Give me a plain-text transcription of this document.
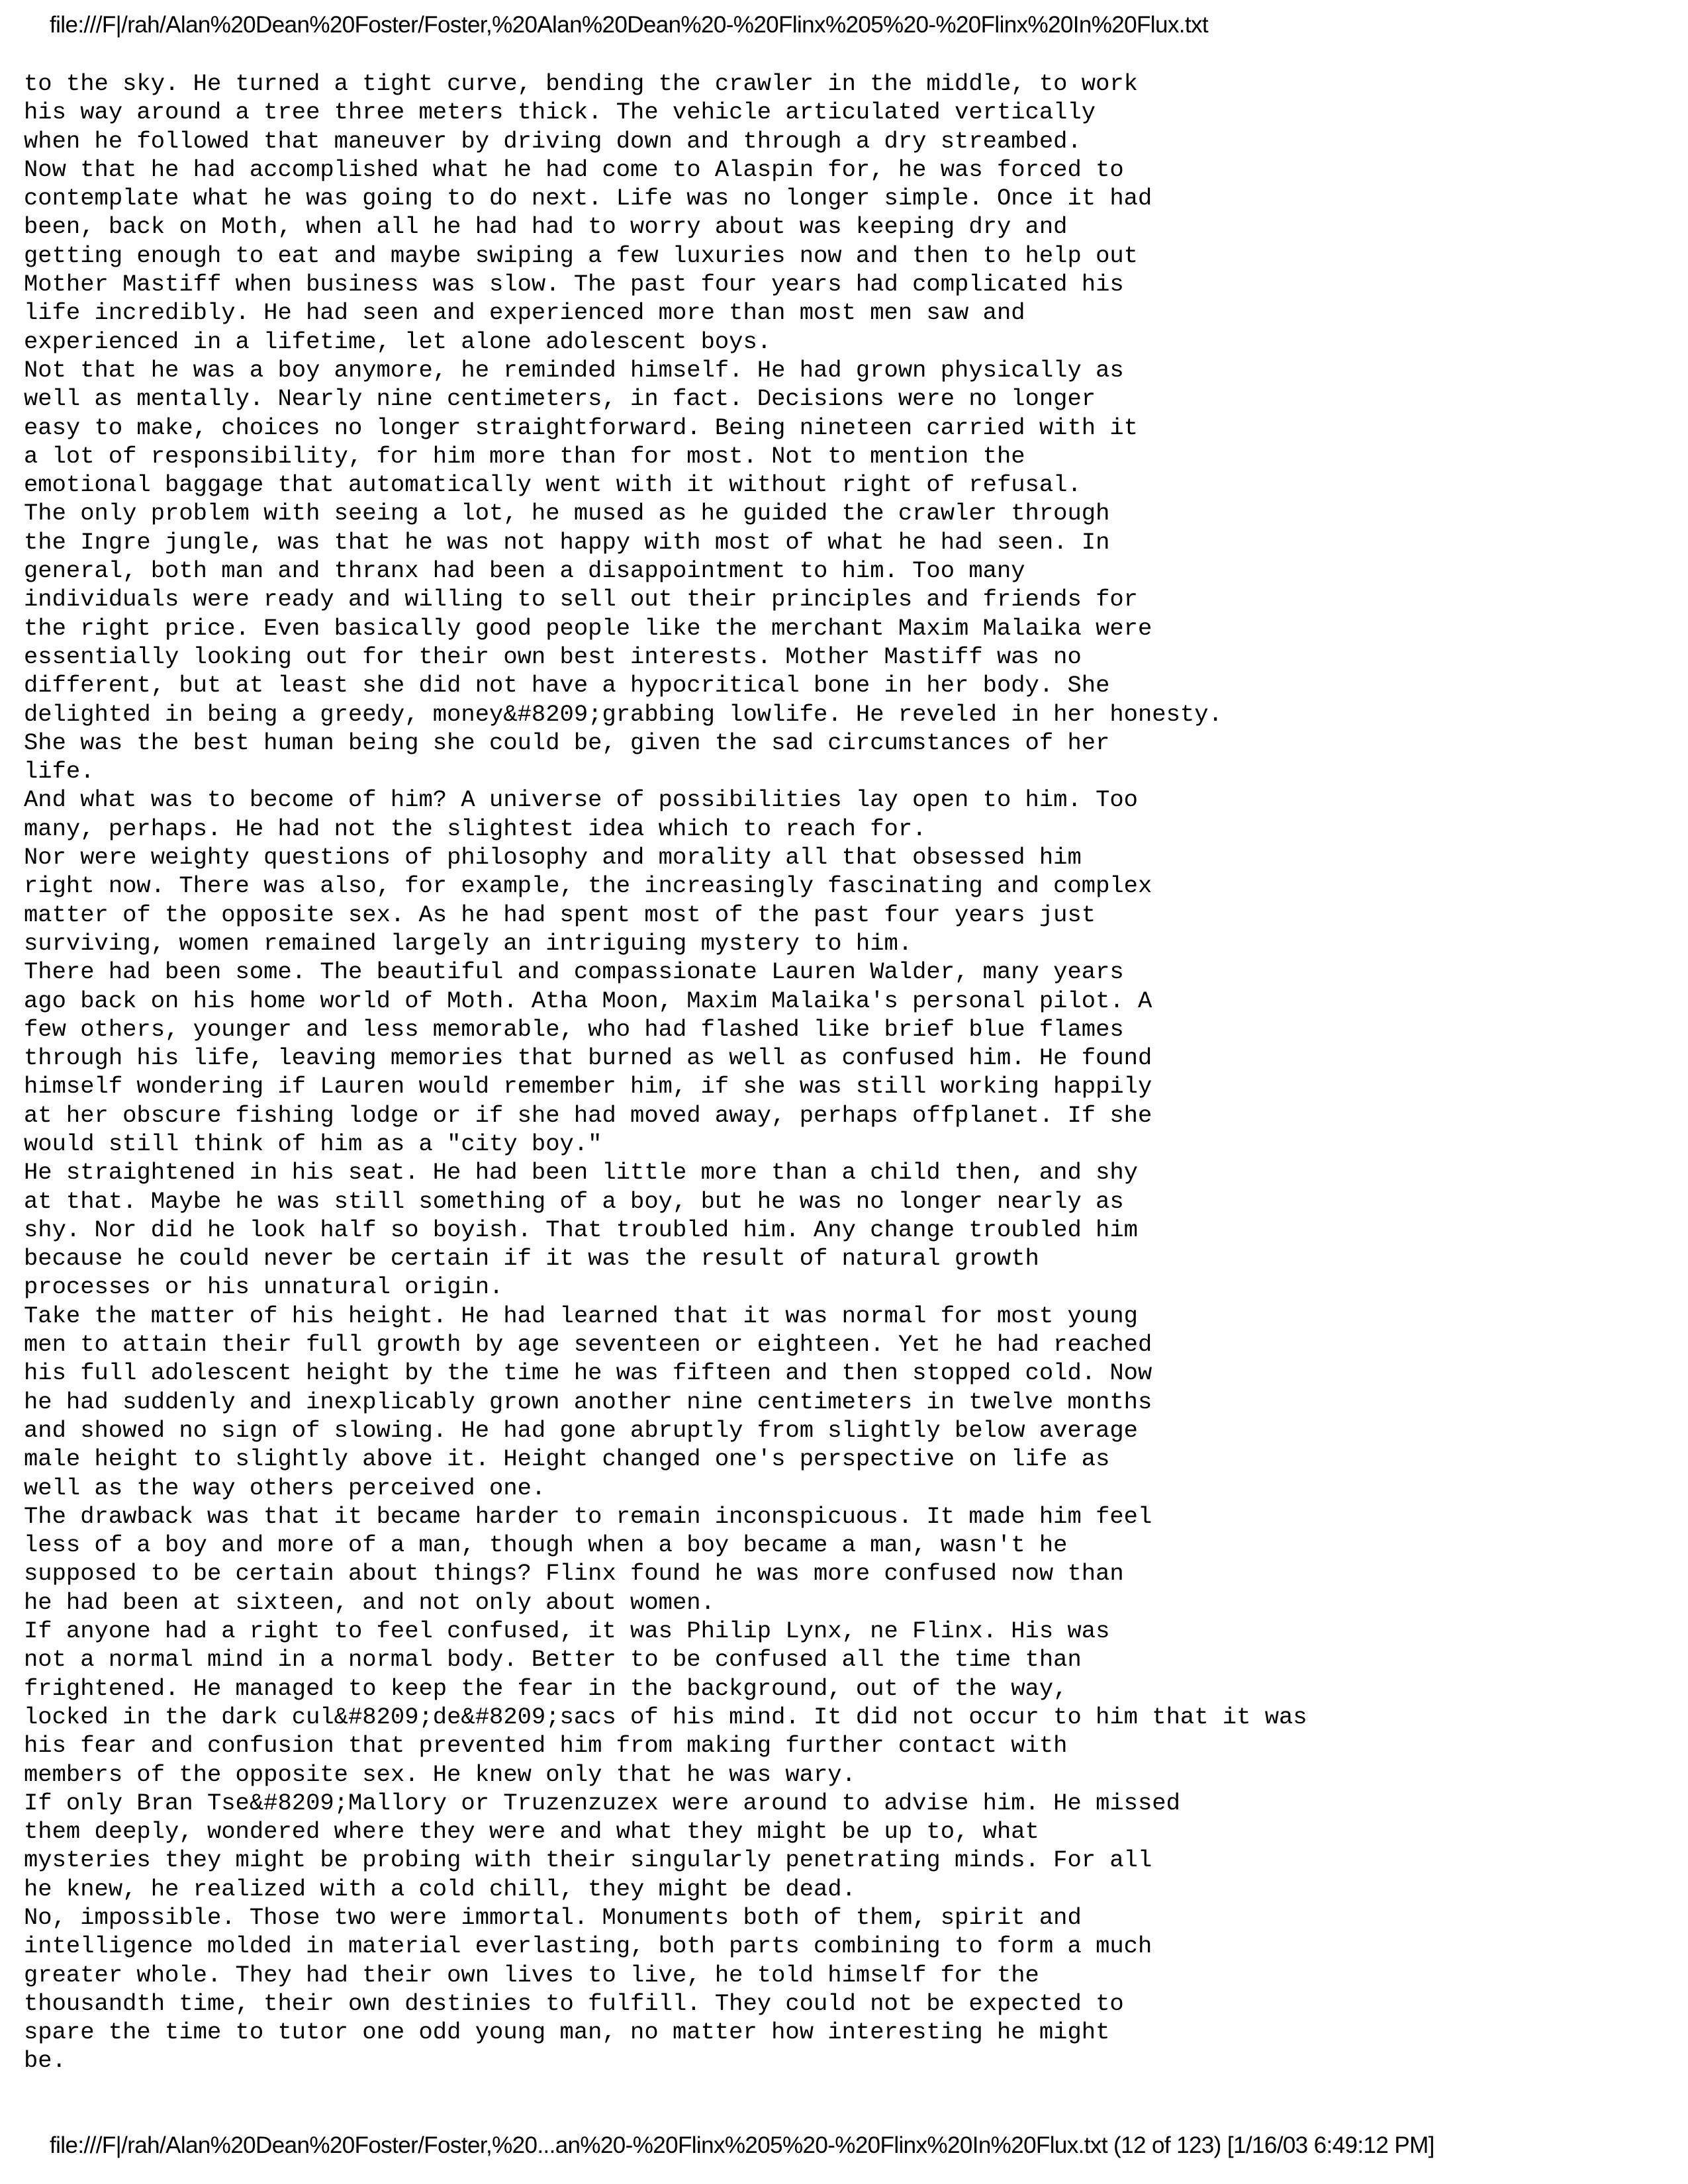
file:///F|/rah/Alan%20Dean%20Foster/Foster,%20Alan%20Dean%20-%20Flinx%205%20-%20Flinx%20In%20Flux.txt
to the sky. He turned a tight curve, bending the crawler in the middle, to work
his way around a tree three meters thick. The vehicle articulated vertically
when he followed that maneuver by driving down and through a dry streambed.
Now that he had accomplished what he had come to Alaspin for, he was forced to
contemplate what he was going to do next. Life was no longer simple. Once it had
been, back on Moth, when all he had had to worry about was keeping dry and
getting enough to eat and maybe swiping a few luxuries now and then to help out
Mother Mastiff when business was slow. The past four years had complicated his
life incredibly. He had seen and experienced more than most men saw and
experienced in a lifetime, let alone adolescent boys.
Not that he was a boy anymore, he reminded himself. He had grown physically as
well as mentally. Nearly nine centimeters, in fact. Decisions were no longer
easy to make, choices no longer straightforward. Being nineteen carried with it
a lot of responsibility, for him more than for most. Not to mention the
emotional baggage that automatically went with it without right of refusal.
The only problem with seeing a lot, he mused as he guided the crawler through
the Ingre jungle, was that he was not happy with most of what he had seen. In
general, both man and thranx had been a disappointment to him. Too many
individuals were ready and willing to sell out their principles and friends for
the right price. Even basically good people like the merchant Maxim Malaika were
essentially looking out for their own best interests. Mother Mastiff was no
different, but at least she did not have a hypocritical bone in her body. She
delighted in being a greedy, money&#8209;grabbing lowlife. He reveled in her honesty.
She was the best human being she could be, given the sad circumstances of her
life.
And what was to become of him? A universe of possibilities lay open to him. Too
many, perhaps. He had not the slightest idea which to reach for.
Nor were weighty questions of philosophy and morality all that obsessed him
right now. There was also, for example, the increasingly fascinating and complex
matter of the opposite sex. As he had spent most of the past four years just
surviving, women remained largely an intriguing mystery to him.
There had been some. The beautiful and compassionate Lauren Walder, many years
ago back on his home world of Moth. Atha Moon, Maxim Malaika's personal pilot. A
few others, younger and less memorable, who had flashed like brief blue flames
through his life, leaving memories that burned as well as confused him. He found
himself wondering if Lauren would remember him, if she was still working happily
at her obscure fishing lodge or if she had moved away, perhaps offplanet. If she
would still think of him as a "city boy."
He straightened in his seat. He had been little more than a child then, and shy
at that. Maybe he was still something of a boy, but he was no longer nearly as
shy. Nor did he look half so boyish. That troubled him. Any change troubled him
because he could never be certain if it was the result of natural growth
processes or his unnatural origin.
Take the matter of his height. He had learned that it was normal for most young
men to attain their full growth by age seventeen or eighteen. Yet he had reached
his full adolescent height by the time he was fifteen and then stopped cold. Now
he had suddenly and inexplicably grown another nine centimeters in twelve months
and showed no sign of slowing. He had gone abruptly from slightly below average
male height to slightly above it. Height changed one's perspective on life as
well as the way others perceived one.
The drawback was that it became harder to remain inconspicuous. It made him feel
less of a boy and more of a man, though when a boy became a man, wasn't he
supposed to be certain about things? Flinx found he was more confused now than
he had been at sixteen, and not only about women.
If anyone had a right to feel confused, it was Philip Lynx, ne Flinx. His was
not a normal mind in a normal body. Better to be confused all the time than
frightened. He managed to keep the fear in the background, out of the way,
locked in the dark cul&#8209;de&#8209;sacs of his mind. It did not occur to him that it was
his fear and confusion that prevented him from making further contact with
members of the opposite sex. He knew only that he was wary.
If only Bran Tse&#8209;Mallory or Truzenzuzex were around to advise him. He missed
them deeply, wondered where they were and what they might be up to, what
mysteries they might be probing with their singularly penetrating minds. For all
he knew, he realized with a cold chill, they might be dead.
No, impossible. Those two were immortal. Monuments both of them, spirit and
intelligence molded in material everlasting, both parts combining to form a much
greater whole. They had their own lives to live, he told himself for the
thousandth time, their own destinies to fulfill. They could not be expected to
spare the time to tutor one odd young man, no matter how interesting he might
be.
file:///F|/rah/Alan%20Dean%20Foster/Foster,%20...an%20-%20Flinx%205%20-%20Flinx%20In%20Flux.txt (12 of 123) [1/16/03 6:49:12 PM]
